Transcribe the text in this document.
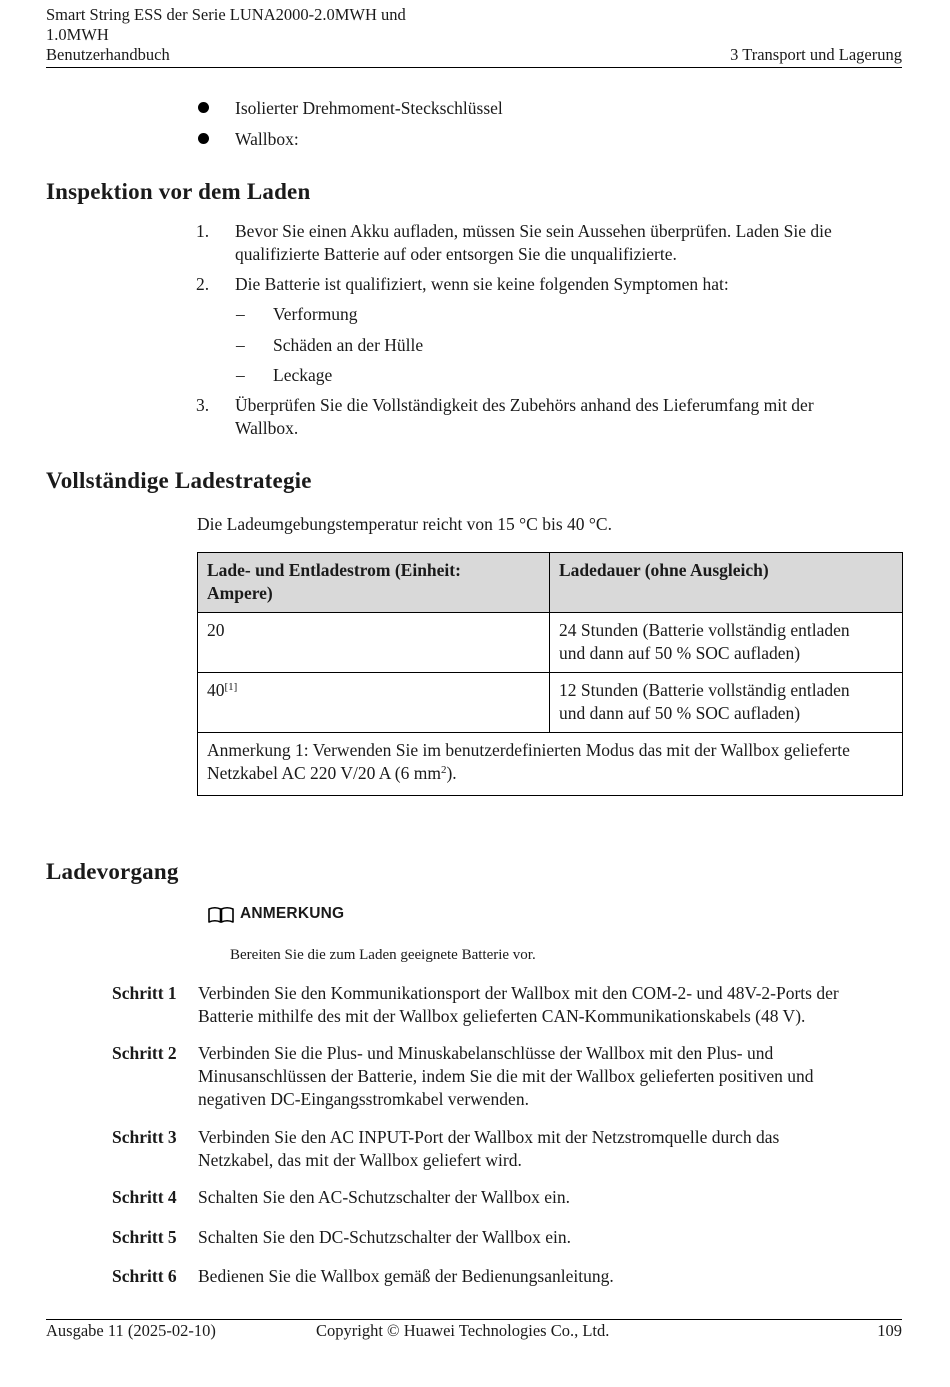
Smart String ESS der Serie LUNA2000-2.0MWH und
1.0MWH
Benutzerhandbuch	3 Transport und Lagerung
Isolierter Drehmoment-Steckschlüssel
Wallbox:
Inspektion vor dem Laden
1.	Bevor Sie einen Akku aufladen, müssen Sie sein Aussehen überprüfen. Laden Sie die
qualifizierte Batterie auf oder entsorgen Sie die unqualifizierte.
2.	Die Batterie ist qualifiziert, wenn sie keine folgenden Symptomen hat:
– Verformung
– Schäden an der Hülle
– Leckage
3.	Überprüfen Sie die Vollständigkeit des Zubehörs anhand des Lieferumfang mit der
Wallbox.
Vollständige Ladestrategie
Die Ladeumgebungstemperatur reicht von 15 °C bis 40 °C.
Lade- und Entladestrom (Einheit:
Ampere)	Ladedauer (ohne Ausgleich)
20	24 Stunden (Batterie vollständig entladen
und dann auf 50 % SOC aufladen)

40[1]	12 Stunden (Batterie vollständig entladen
und dann auf 50 % SOC aufladen)

Anmerkung 1: Verwenden Sie im benutzerdefinierten Modus das mit der Wallbox gelieferte
Netzkabel AC 220 V/20 A (6 $mm^2$).	
Ladevorgang
ANMERKUNG
Bereiten Sie die zum Laden geeignete Batterie vor.
Schritt 1 Verbinden Sie den Kommunikationsport der Wallbox mit den COM-2- und 48V-2-Ports der
Batterie mithilfe des mit der Wallbox gelieferten CAN-Kommunikationskabels (48 V).
Schritt 2 Verbinden Sie die Plus- und Minuskabelanschlüsse der Wallbox mit den Plus- und
Minusanschlüssen der Batterie, indem Sie die mit der Wallbox gelieferten positiven und
negativen DC-Eingangsstromkabel verwenden.
Schritt 3 Verbinden Sie den AC INPUT-Port der Wallbox mit der Netzstromquelle durch das
Netzkabel, das mit der Wallbox geliefert wird.
Schritt 4 Schalten Sie den AC-Schutzschalter der Wallbox ein.
Schritt 5 Schalten Sie den DC-Schutzschalter der Wallbox ein.
Schritt 6 Bedienen Sie die Wallbox gemäß der Bedienungsanleitung.
Ausgabe 11 (2025-02-10)	Copyright © Huawei Technologies Co., Ltd.	109
